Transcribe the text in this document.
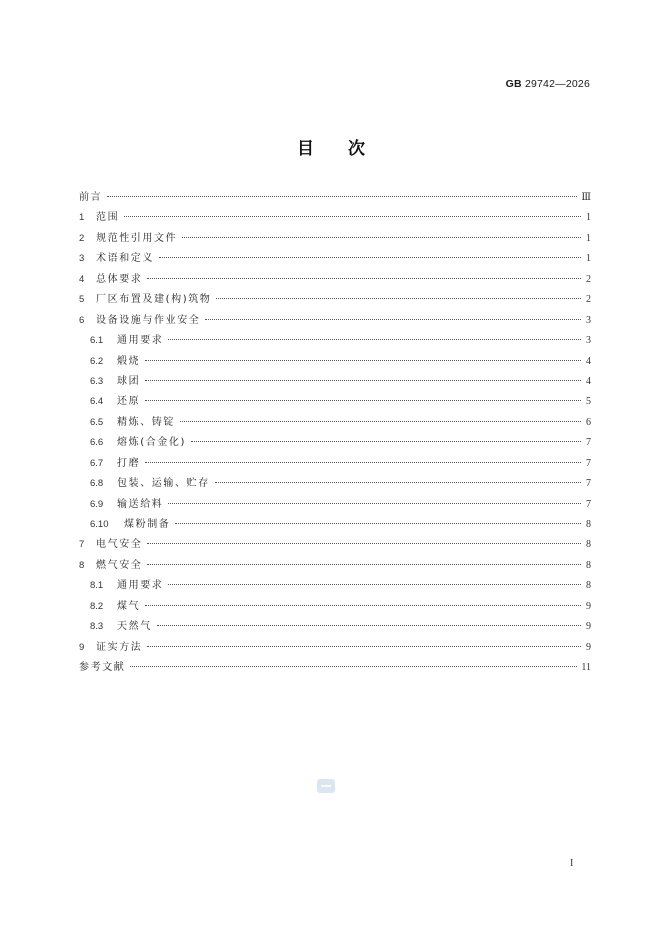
GB 29742—2026
目次
前言	Ⅲ
1	范围	1
2	规范性引用文件	1
3	术语和定义	1
4	总体要求	2
5	厂区布置及建(构)筑物	2
6	设备设施与作业安全	3
6.1	通用要求	3
6.2	煅烧	4
6.3	球团	4
6.4	还原	5
6.5	精炼、铸锭	6
6.6	熔炼(合金化)	7
6.7	打磨	7
6.8	包装、运输、贮存	7
6.9	输送给料	7
6.10	煤粉制备	8
7	电气安全	8
8	燃气安全	8
8.1	通用要求	8
8.2	煤气	9
8.3	天然气	9
9	证实方法	9
参考文献	11
I
